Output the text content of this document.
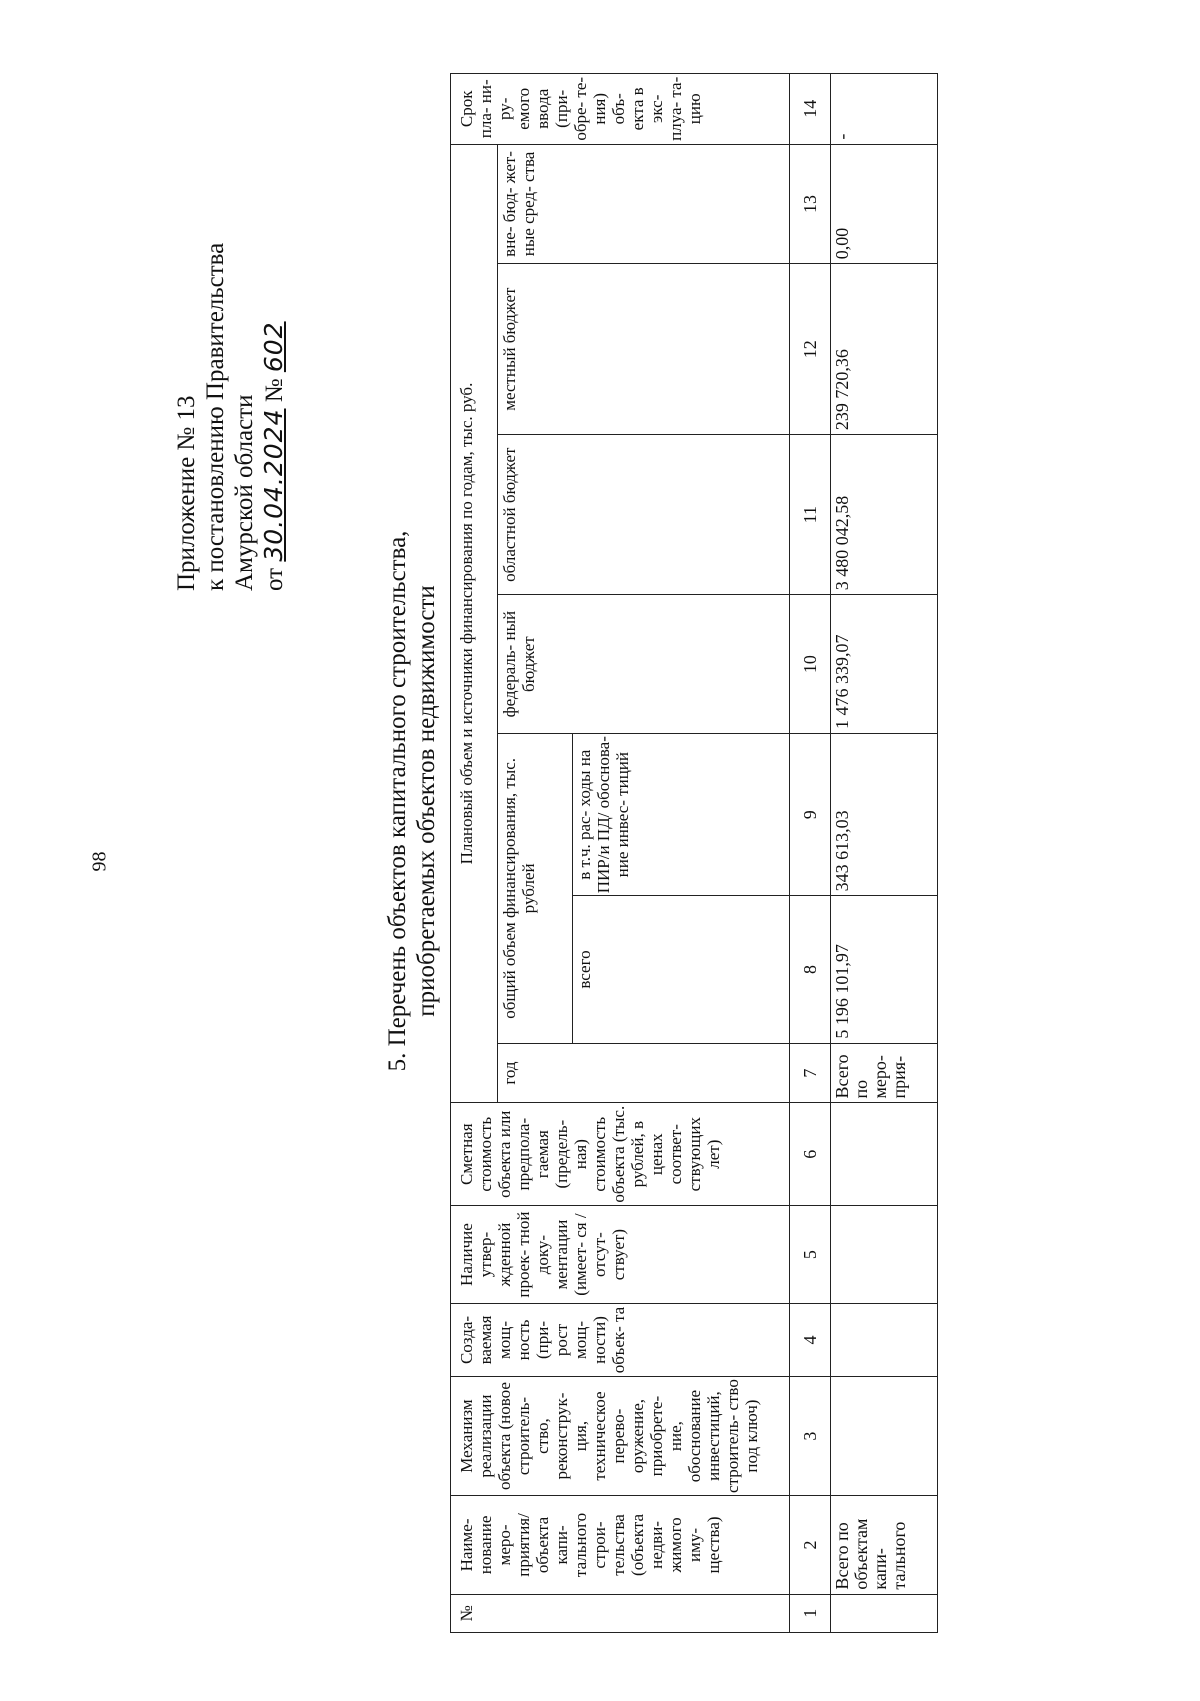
98
Приложение № 13 к постановлению Правительства Амурской области от 30.04.2024 № 602
5. Перечень объектов капитального строительства, приобретаемых объектов недвижимости
№	Наиме- нование меро- приятия/ объекта капи- тального строи- тельства (объекта недви- жимого иму- щества)	Механизм реализации объекта (новое строитель- ство, реконструк- ция, техническое перево- оружение, приобрете- ние, обоснование инвестиций, строитель- ство под ключ)	Созда- ваемая мощ- ность (при- рост мощ- ности) объек- та	Наличие утвер- жденной проек- тной доку- ментации (имеет- ся / отсут- ствует)	Сметная стоимость объекта или предпола- гаемая (предель- ная) стоимость объекта (тыс. рублей, в ценах соответ- ствующих лет)	Плановый объем и источники финансирования по годам, тыс. руб.							Срок пла- ни- ру- емого ввода (при- обре- те- ния) объ- екта в экс- плуа- та- цию
						год	общий объем финансирования, тыс. рублей		федераль- ный бюджет	областной бюджет	местный бюджет	вне- бюд- жет- ные сред- ства	
							всего	в т.ч. рас- ходы на ПИР/и ПД/ обоснова- ние инвес- тиций					
1	2	3	4	5	6	7	8	9	10	11	12	13	14
	Всего по объектам капи- тального					Всего по меро- прия-	5 196 101,97	343 613,03	1 476 339,07	3 480 042,58	239 720,36	0,00	-
